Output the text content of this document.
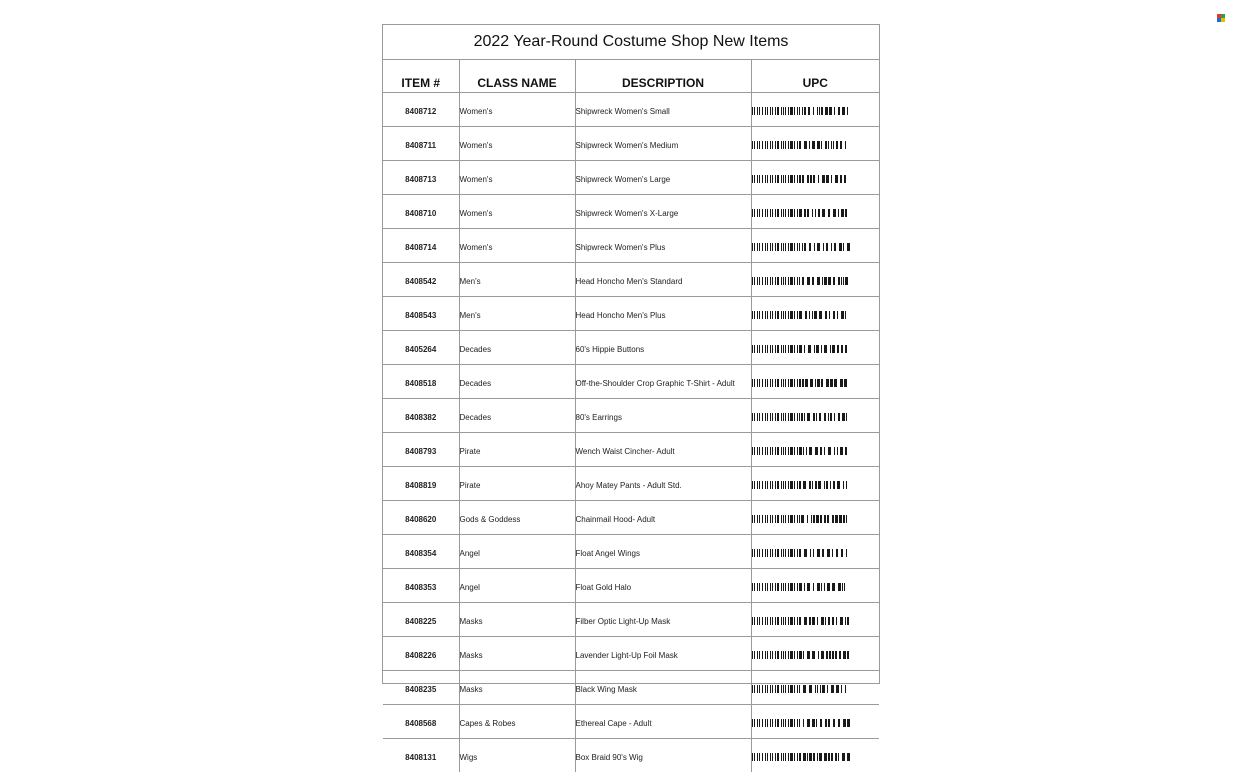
2022 Year-Round Costume Shop New Items
ITEM #	CLASS NAME	DESCRIPTION	UPC
8408712	Women's	Shipwreck Women's Small	

8408711	Women's	Shipwreck Women's Medium	

8408713	Women's	Shipwreck Women's Large	

8408710	Women's	Shipwreck Women's X-Large	

8408714	Women's	Shipwreck Women's Plus	

8408542	Men's	Head Honcho Men's Standard	

8408543	Men's	Head Honcho Men's Plus	

8405264	Decades	60's Hippie Buttons	

8408518	Decades	Off-the-Shoulder Crop Graphic T-Shirt - Adult	

8408382	Decades	80's Earrings	

8408793	Pirate	Wench Waist Cincher- Adult	

8408819	Pirate	Ahoy Matey Pants - Adult Std.	

8408620	Gods & Goddess	Chainmail Hood- Adult	

8408354	Angel	Float Angel Wings	

8408353	Angel	Float Gold Halo	

8408225	Masks	Filber Optic Light-Up Mask	

8408226	Masks	Lavender Light-Up Foil Mask	

8408235	Masks	Black Wing Mask	

8408568	Capes & Robes	Ethereal Cape - Adult	

8408131	Wigs	Box Braid 90's Wig	
